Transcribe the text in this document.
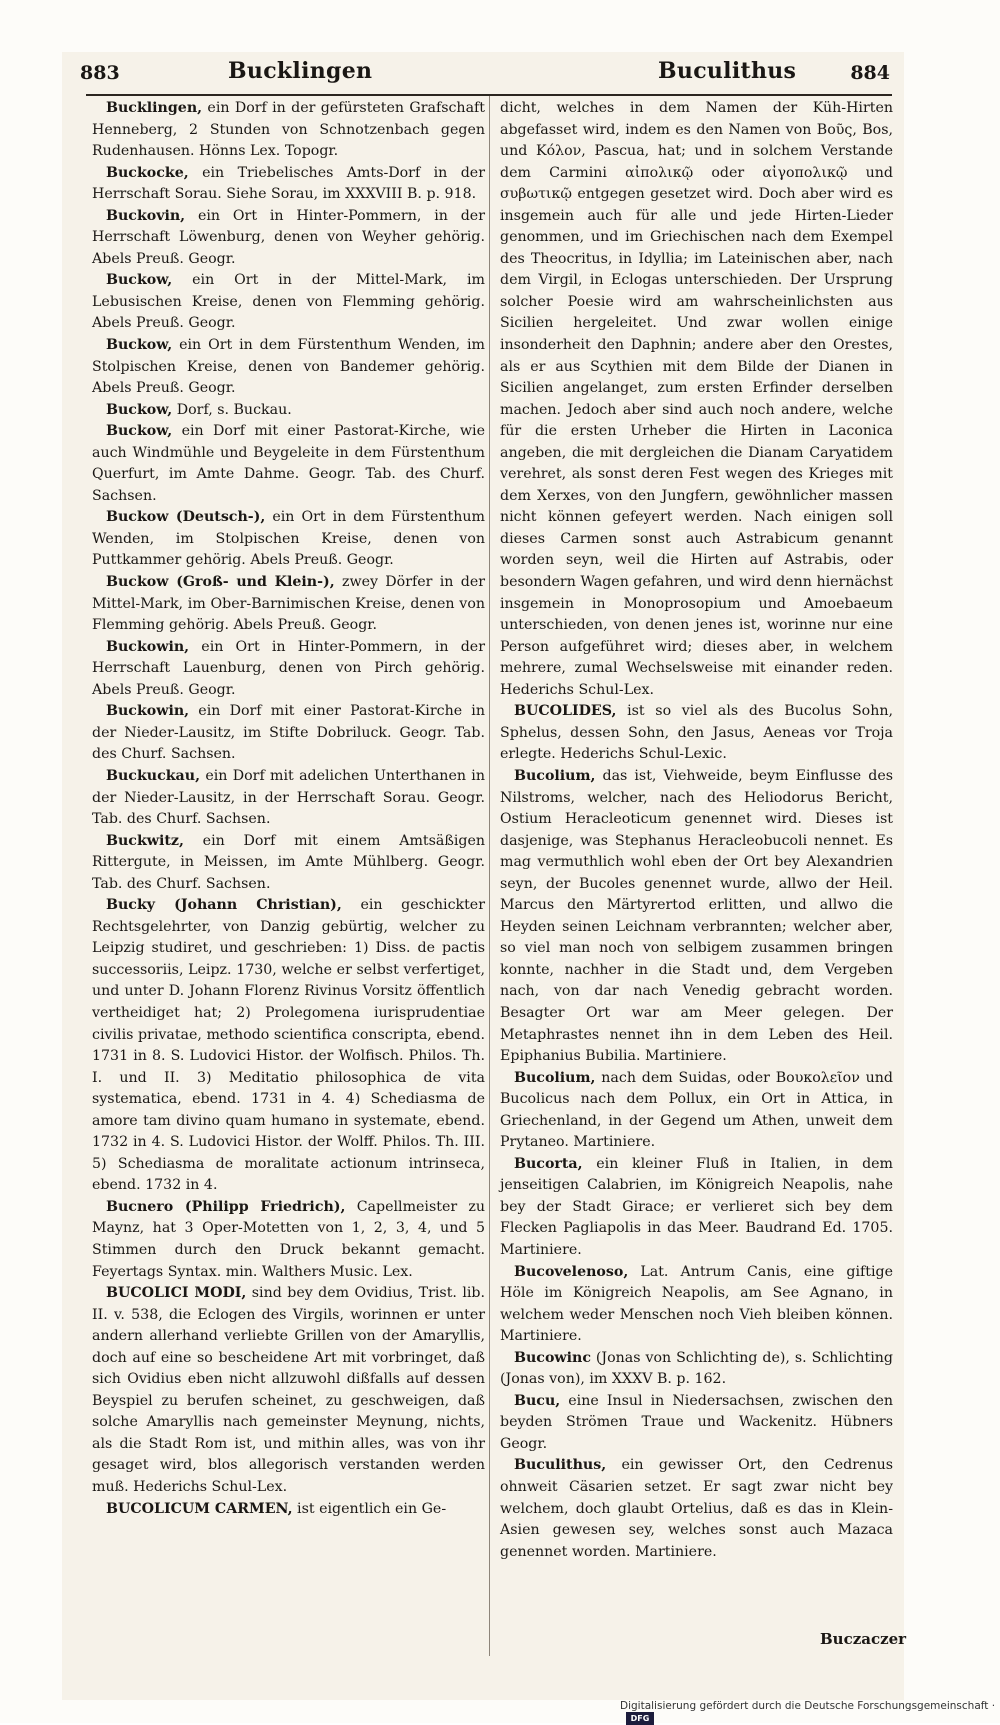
883	Bucklingen	Buculithus	884

Bucklingen, ein Dorf in der gefürsteten Grafschaft Henneberg, 2 Stunden von Schnotzenbach gegen Rudenhausen. Hönns Lex. Topogr.

Buckocke, ein Triebelisches Amts-Dorf in der Herrschaft Sorau. Siehe Sorau, im XXXVIII B. p. 918.

Buckovin, ein Ort in Hinter-Pommern, in der Herrschaft Löwenburg, denen von Weyher gehörig. Abels Preuß. Geogr.

Buckow, ein Ort in der Mittel-Mark, im Lebusischen Kreise, denen von Flemming gehörig. Abels Preuß. Geogr.

Buckow, ein Ort in dem Fürstenthum Wenden, im Stolpischen Kreise, denen von Bandemer gehörig. Abels Preuß. Geogr.

Buckow, Dorf, s. Buckau.

Buckow, ein Dorf mit einer Pastorat-Kirche, wie auch Windmühle und Beygeleite in dem Fürstenthum Querfurt, im Amte Dahme. Geogr. Tab. des Churf. Sachsen.

Buckow (Deutsch-), ein Ort in dem Fürstenthum Wenden, im Stolpischen Kreise, denen von Puttkammer gehörig. Abels Preuß. Geogr.

Buckow (Groß- und Klein-), zwey Dörfer in der Mittel-Mark, im Ober-Barnimischen Kreise, denen von Flemming gehörig. Abels Preuß. Geogr.

Buckowin, ein Ort in Hinter-Pommern, in der Herrschaft Lauenburg, denen von Pirch gehörig. Abels Preuß. Geogr.

Buckowin, ein Dorf mit einer Pastorat-Kirche in der Nieder-Lausitz, im Stifte Dobriluck. Geogr. Tab. des Churf. Sachsen.

Buckuckau, ein Dorf mit adelichen Unterthanen in der Nieder-Lausitz, in der Herrschaft Sorau. Geogr. Tab. des Churf. Sachsen.

Buckwitz, ein Dorf mit einem Amtsäßigen Rittergute, in Meissen, im Amte Mühlberg. Geogr. Tab. des Churf. Sachsen.

Bucky (Johann Christian), ein geschickter Rechtsgelehrter, von Danzig gebürtig, welcher zu Leipzig studiret, und geschrieben: 1) Diss. de pactis successoriis, Leipz. 1730, welche er selbst verfertiget, und unter D. Johann Florenz Rivinus Vorsitz öffentlich vertheidiget hat; 2) Prolegomena iurisprudentiae civilis privatae, methodo scientifica conscripta, ebend. 1731 in 8. S. Ludovici Histor. der Wolfisch. Philos. Th. I. und II. 3) Meditatio philosophica de vita systematica, ebend. 1731 in 4. 4) Schediasma de amore tam divino quam humano in systemate, ebend. 1732 in 4. S. Ludovici Histor. der Wolff. Philos. Th. III. 5) Schediasma de moralitate actionum intrinseca, ebend. 1732 in 4.

Bucnero (Philipp Friedrich), Capellmeister zu Maynz, hat 3 Oper-Motetten von 1, 2, 3, 4, und 5 Stimmen durch den Druck bekannt gemacht. Feyertags Syntax. min. Walthers Music. Lex.

BUCOLICI MODI, sind bey dem Ovidius, Trist. lib. II. v. 538, die Eclogen des Virgils, worinnen er unter andern allerhand verliebte Grillen von der Amaryllis, doch auf eine so bescheidene Art mit vorbringet, daß sich Ovidius eben nicht allzuwohl dißfalls auf dessen Beyspiel zu berufen scheinet, zu geschweigen, daß solche Amaryllis nach gemeinster Meynung, nichts, als die Stadt Rom ist, und mithin alles, was von ihr gesaget wird, blos allegorisch verstanden werden muß. Hederichs Schul-Lex.

BUCOLICUM CARMEN, ist eigentlich ein Ge-

dicht, welches in dem Namen der Küh-Hirten abgefasset wird, indem es den Namen von Βοῦς, Bos, und Κόλον, Pascua, hat; und in solchem Verstande dem Carmini αἰπολικῷ oder αἰγοπολικῷ und συβωτικῷ entgegen gesetzet wird. Doch aber wird es insgemein auch für alle und jede Hirten-Lieder genommen, und im Griechischen nach dem Exempel des Theocritus, in Idyllia; im Lateinischen aber, nach dem Virgil, in Eclogas unterschieden. Der Ursprung solcher Poesie wird am wahrscheinlichsten aus Sicilien hergeleitet. Und zwar wollen einige insonderheit den Daphnin; andere aber den Orestes, als er aus Scythien mit dem Bilde der Dianen in Sicilien angelanget, zum ersten Erfinder derselben machen. Jedoch aber sind auch noch andere, welche für die ersten Urheber die Hirten in Laconica angeben, die mit dergleichen die Dianam Caryatidem verehret, als sonst deren Fest wegen des Krieges mit dem Xerxes, von den Jungfern, gewöhnlicher massen nicht können gefeyert werden. Nach einigen soll dieses Carmen sonst auch Astrabicum genannt worden seyn, weil die Hirten auf Astrabis, oder besondern Wagen gefahren, und wird denn hiernächst insgemein in Monoprosopium und Amoebaeum unterschieden, von denen jenes ist, worinne nur eine Person aufgeführet wird; dieses aber, in welchem mehrere, zumal Wechselsweise mit einander reden. Hederichs Schul-Lex.

BUCOLIDES, ist so viel als des Bucolus Sohn, Sphelus, dessen Sohn, den Jasus, Aeneas vor Troja erlegte. Hederichs Schul-Lexic.

Bucolium, das ist, Viehweide, beym Einflusse des Nilstroms, welcher, nach des Heliodorus Bericht, Ostium Heracleoticum genennet wird. Dieses ist dasjenige, was Stephanus Heracleobucoli nennet. Es mag vermuthlich wohl eben der Ort bey Alexandrien seyn, der Bucoles genennet wurde, allwo der Heil. Marcus den Märtyrertod erlitten, und allwo die Heyden seinen Leichnam verbrannten; welcher aber, so viel man noch von selbigem zusammen bringen konnte, nachher in die Stadt und, dem Vergeben nach, von dar nach Venedig gebracht worden. Besagter Ort war am Meer gelegen. Der Metaphrastes nennet ihn in dem Leben des Heil. Epiphanius Bubilia. Martiniere.

Bucolium, nach dem Suidas, oder Βουκολεῖον und Bucolicus nach dem Pollux, ein Ort in Attica, in Griechenland, in der Gegend um Athen, unweit dem Prytaneo. Martiniere.

Bucorta, ein kleiner Fluß in Italien, in dem jenseitigen Calabrien, im Königreich Neapolis, nahe bey der Stadt Girace; er verlieret sich bey dem Flecken Pagliapolis in das Meer. Baudrand Ed. 1705. Martiniere.

Bucovelenoso, Lat. Antrum Canis, eine giftige Höle im Königreich Neapolis, am See Agnano, in welchem weder Menschen noch Vieh bleiben können. Martiniere.

Bucowinc (Jonas von Schlichting de), s. Schlichting (Jonas von), im XXXV B. p. 162.

Bucu, eine Insul in Niedersachsen, zwischen den beyden Strömen Traue und Wackenitz. Hübners Geogr.

Buculithus, ein gewisser Ort, den Cedrenus ohnweit Cäsarien setzet. Er sagt zwar nicht bey welchem, doch glaubt Ortelius, daß es das in Klein-Asien gewesen sey, welches sonst auch Mazaca genennet worden. Martiniere.

Buczaczer
Digitalisierung gefördert durch die Deutsche Forschungsgemeinschaft · DFG
